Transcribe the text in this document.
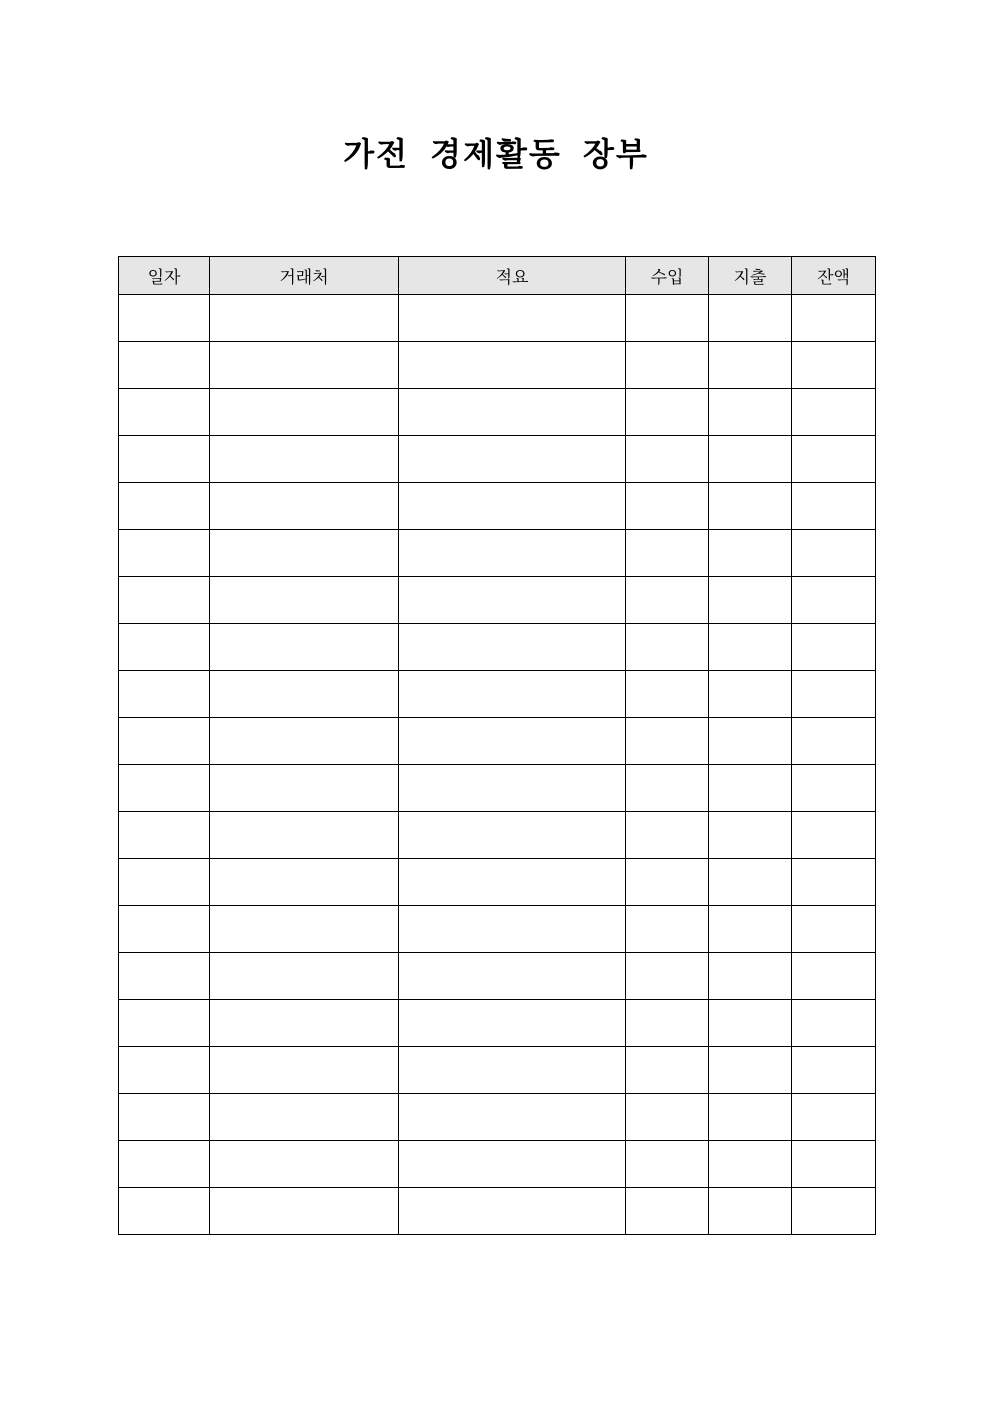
가전 경제활동 장부
일자	거래처	적요	수입	지출	잔액
